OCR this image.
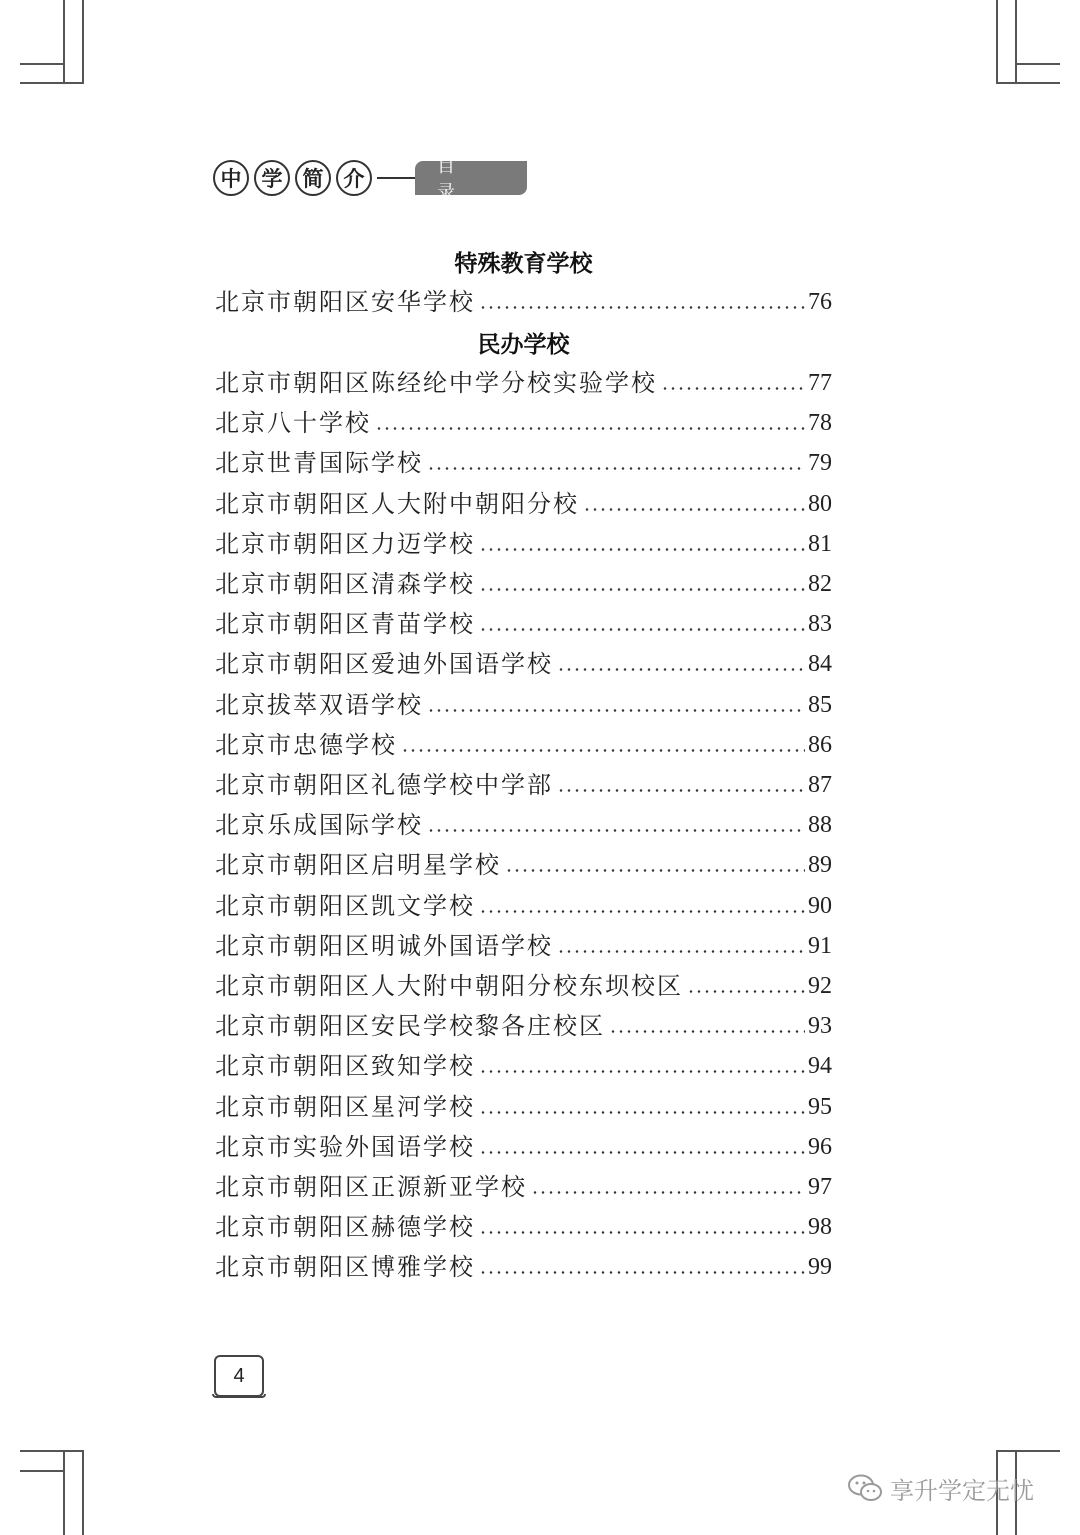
中 学 简 介
目 录
特殊教育学校
民办学校
北京市朝阳区安华学校	76
北京市朝阳区陈经纶中学分校实验学校	77
北京八十学校	78
北京世青国际学校	79
北京市朝阳区人大附中朝阳分校	80
北京市朝阳区力迈学校	81
北京市朝阳区清森学校	82
北京市朝阳区青苗学校	83
北京市朝阳区爱迪外国语学校	84
北京拔萃双语学校	85
北京市忠德学校	86
北京市朝阳区礼德学校中学部	87
北京乐成国际学校	88
北京市朝阳区启明星学校	89
北京市朝阳区凯文学校	90
北京市朝阳区明诚外国语学校	91
北京市朝阳区人大附中朝阳分校东坝校区	92
北京市朝阳区安民学校黎各庄校区	93
北京市朝阳区致知学校	94
北京市朝阳区星河学校	95
北京市实验外国语学校	96
北京市朝阳区正源新亚学校	97
北京市朝阳区赫德学校	98
北京市朝阳区博雅学校	99
4
享升学定无忧
